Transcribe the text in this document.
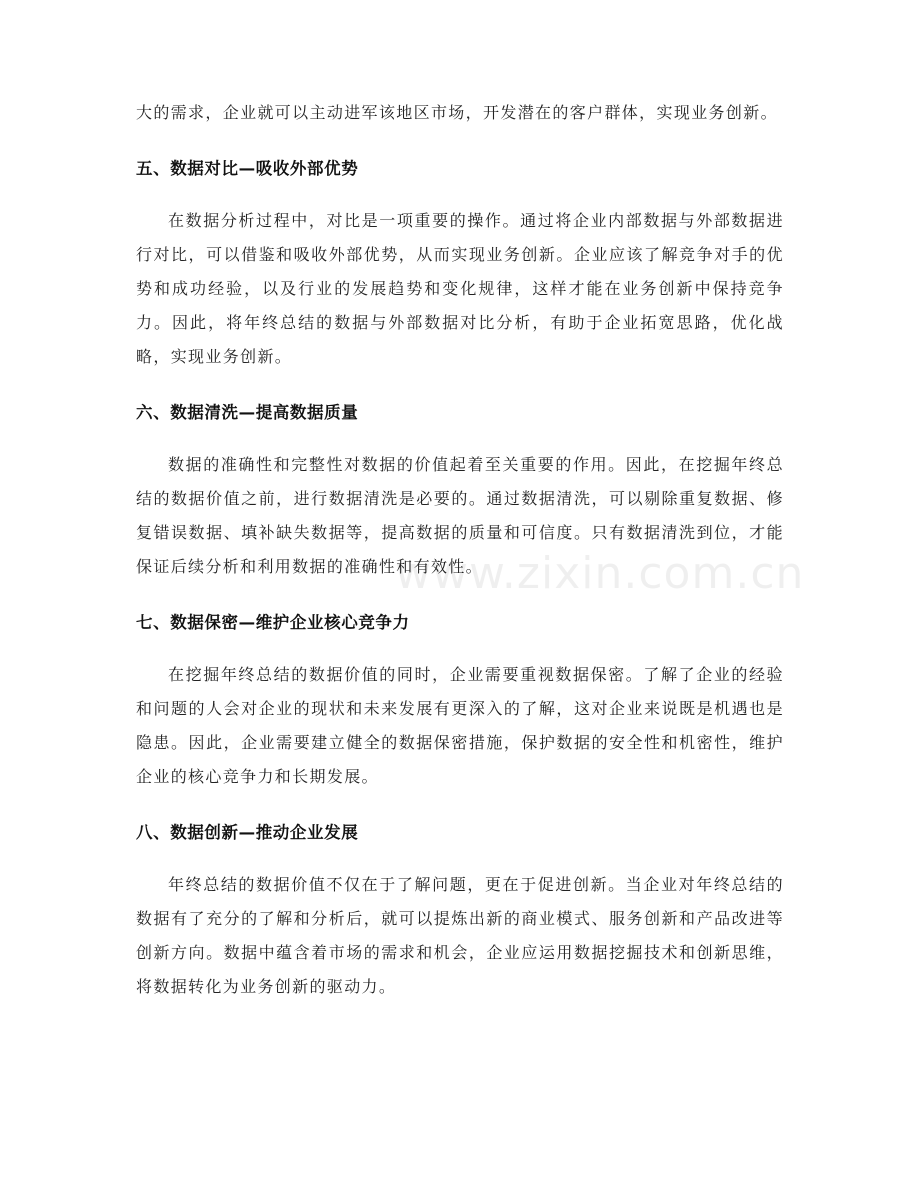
www.zixin.com.cn

大的需求，企业就可以主动进军该地区市场，开发潜在的客户群体，实现业务创新。

五、数据对比—吸收外部优势

在数据分析过程中，对比是一项重要的操作。通过将企业内部数据与外部数据进行对比，可以借鉴和吸收外部优势，从而实现业务创新。企业应该了解竞争对手的优势和成功经验，以及行业的发展趋势和变化规律，这样才能在业务创新中保持竞争力。因此，将年终总结的数据与外部数据对比分析，有助于企业拓宽思路，优化战略，实现业务创新。

六、数据清洗—提高数据质量

数据的准确性和完整性对数据的价值起着至关重要的作用。因此，在挖掘年终总结的数据价值之前，进行数据清洗是必要的。通过数据清洗，可以剔除重复数据、修复错误数据、填补缺失数据等，提高数据的质量和可信度。只有数据清洗到位，才能保证后续分析和利用数据的准确性和有效性。

七、数据保密—维护企业核心竞争力

在挖掘年终总结的数据价值的同时，企业需要重视数据保密。了解了企业的经验和问题的人会对企业的现状和未来发展有更深入的了解，这对企业来说既是机遇也是隐患。因此，企业需要建立健全的数据保密措施，保护数据的安全性和机密性，维护企业的核心竞争力和长期发展。

八、数据创新—推动企业发展

年终总结的数据价值不仅在于了解问题，更在于促进创新。当企业对年终总结的数据有了充分的了解和分析后，就可以提炼出新的商业模式、服务创新和产品改进等创新方向。数据中蕴含着市场的需求和机会，企业应运用数据挖掘技术和创新思维，将数据转化为业务创新的驱动力。
